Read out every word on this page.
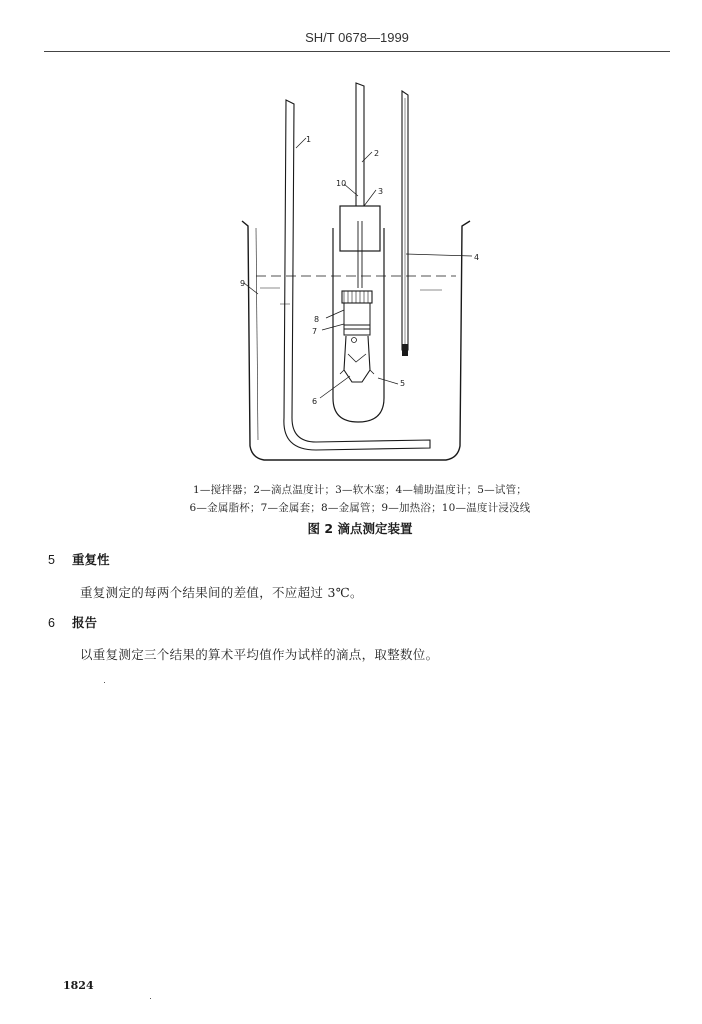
SH/T 0678—1999
1
2
3
4
5
6
7
8
9
10
1—搅拌器；2—滴点温度计；3—软木塞；4—辅助温度计；5—试管；
6—金属脂杯；7—金属套；8—金属管；9—加热浴；10—温度计浸没线
图 2 滴点测定装置
5 重复性
重复测定的每两个结果间的差值，不应超过 3℃。
6 报告
以重复测定三个结果的算术平均值作为试样的滴点，取整数位。
1824
